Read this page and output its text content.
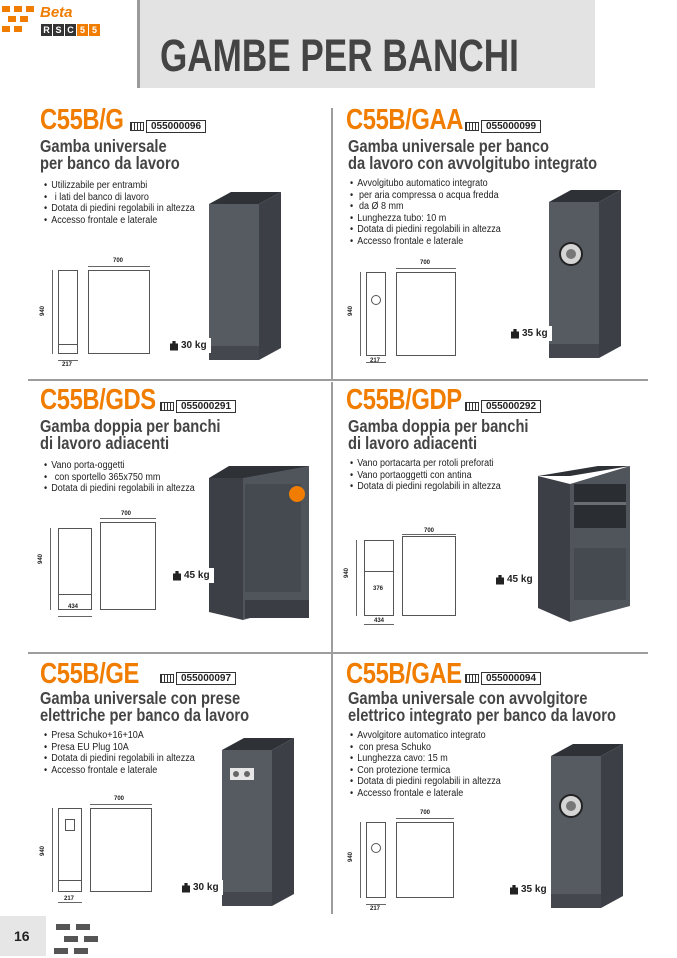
Beta
R S C 5 5 GAMBE PER BANCHI
C55B/G	055000096
Gamba universale
per banco da lavoro
• Utilizzabile per entrambi
• i lati del banco di lavoro
• Dotata di piedini regolabili in altezza
• Accesso frontale e laterale
700
940
217
30 kg
C55B/GAA	055000099
Gamba universale per banco
da lavoro con avvolgitubo integrato
• Avvolgitubo automatico integrato
• per aria compressa o acqua fredda
• da Ø 8 mm
• Lunghezza tubo: 10 m
• Dotata di piedini regolabili in altezza
• Accesso frontale e laterale
700
940
217
35 kg
C55B/GDS	055000291
Gamba doppia per banchi
di lavoro adiacenti
• Vano porta-oggetti
• con sportello 365x750 mm
• Dotata di piedini regolabili in altezza
700
940
434
45 kg
C55B/GDP	055000292
Gamba doppia per banchi
di lavoro adiacenti
• Vano portacarta per rotoli preforati
• Vano portaoggetti con antina
• Dotata di piedini regolabili in altezza
376
700
940
434
45 kg
C55B/GE	055000097
Gamba universale con prese
elettriche per banco da lavoro
• Presa Schuko+16+10A
• Presa EU Plug 10A
• Dotata di piedini regolabili in altezza
• Accesso frontale e laterale
700
940
217
30 kg
C55B/GAE	055000094
Gamba universale con avvolgitore
elettrico integrato per banco da lavoro
• Avvolgitore automatico integrato
• con presa Schuko
• Lunghezza cavo: 15 m
• Con protezione termica
• Dotata di piedini regolabili in altezza
• Accesso frontale e laterale
700
940
217
35 kg
16
